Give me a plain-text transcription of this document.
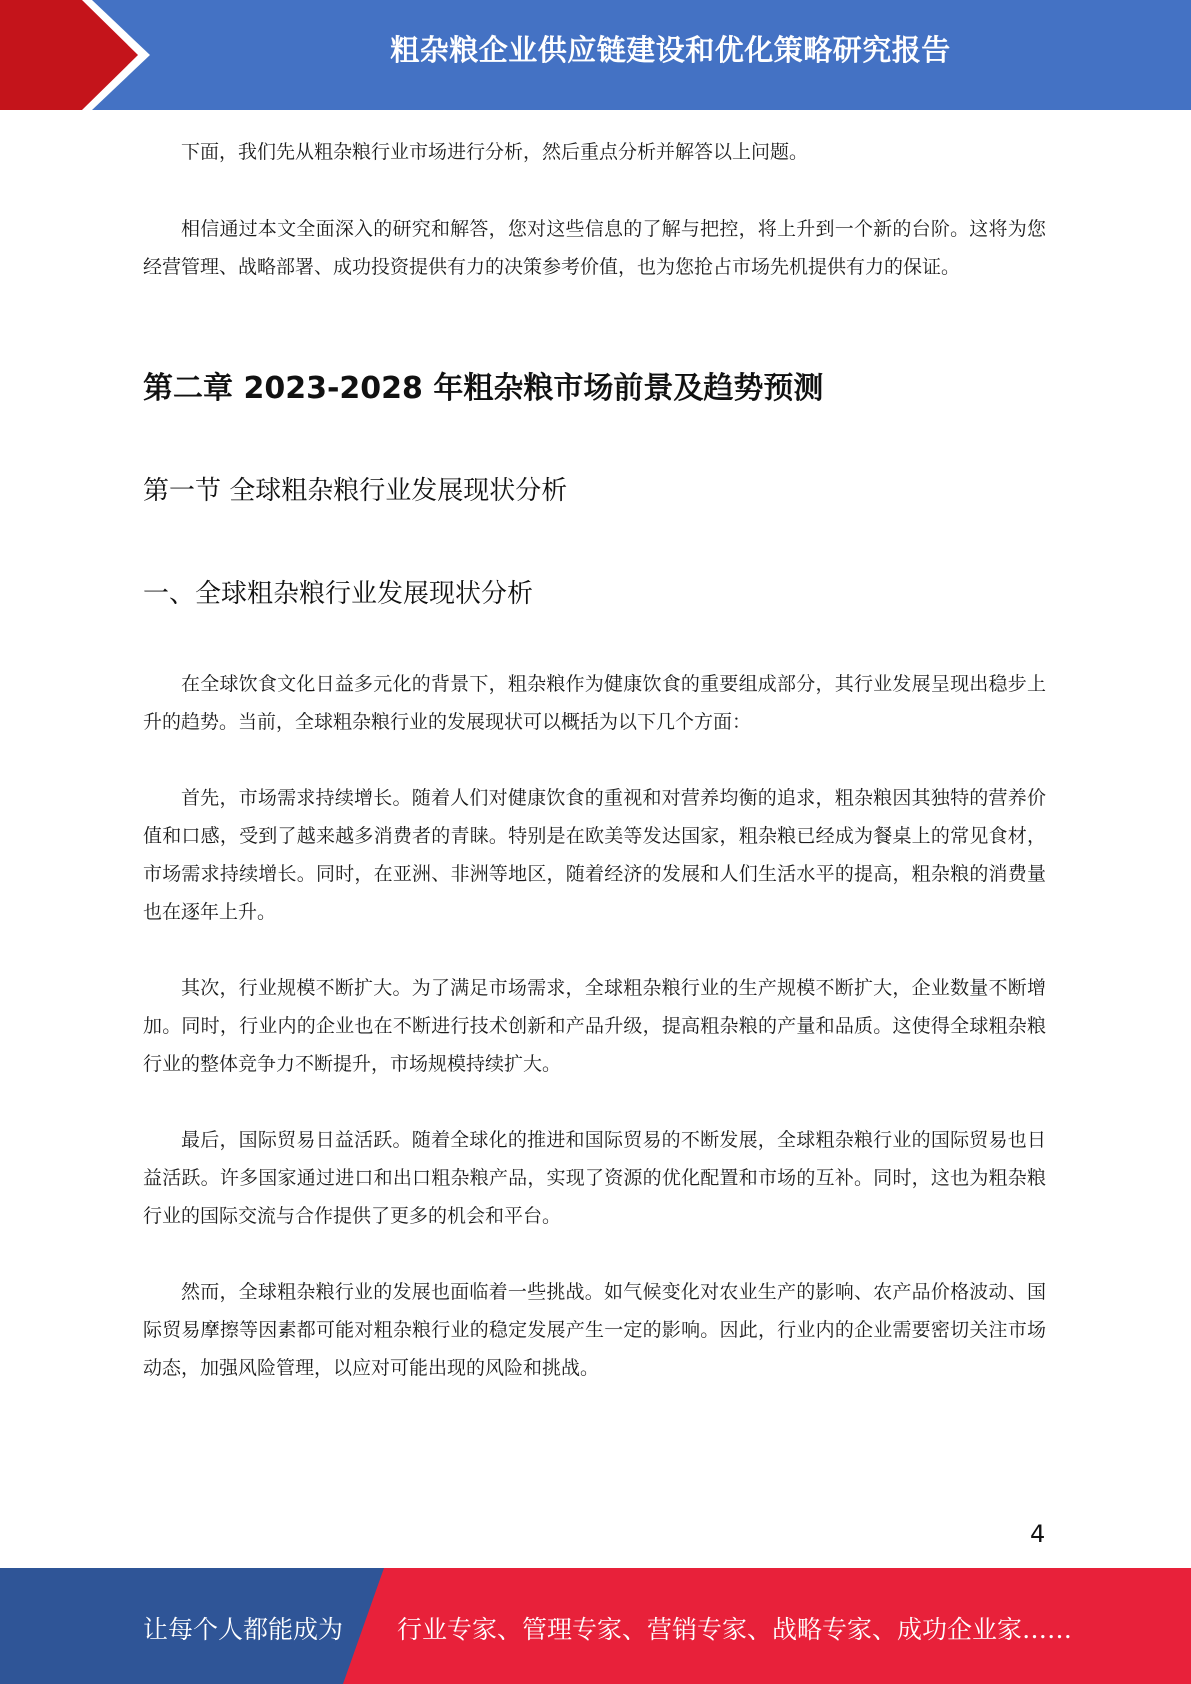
粗杂粮企业供应链建设和优化策略研究报告

下面，我们先从粗杂粮行业市场进行分析，然后重点分析并解答以上问题。

相信通过本文全面深入的研究和解答，您对这些信息的了解与把控，将上升到一个新的台阶。这将为您经营管理、战略部署、成功投资提供有力的决策参考价值，也为您抢占市场先机提供有力的保证。

第二章 2023-2028 年粗杂粮市场前景及趋势预测
第一节 全球粗杂粮行业发展现状分析
一、全球粗杂粮行业发展现状分析

在全球饮食文化日益多元化的背景下，粗杂粮作为健康饮食的重要组成部分，其行业发展呈现出稳步上升的趋势。当前，全球粗杂粮行业的发展现状可以概括为以下几个方面：

首先，市场需求持续增长。随着人们对健康饮食的重视和对营养均衡的追求，粗杂粮因其独特的营养价值和口感，受到了越来越多消费者的青睐。特别是在欧美等发达国家，粗杂粮已经成为餐桌上的常见食材，市场需求持续增长。同时，在亚洲、非洲等地区，随着经济的发展和人们生活水平的提高，粗杂粮的消费量也在逐年上升。

其次，行业规模不断扩大。为了满足市场需求，全球粗杂粮行业的生产规模不断扩大，企业数量不断增加。同时，行业内的企业也在不断进行技术创新和产品升级，提高粗杂粮的产量和品质。这使得全球粗杂粮行业的整体竞争力不断提升，市场规模持续扩大。

最后，国际贸易日益活跃。随着全球化的推进和国际贸易的不断发展，全球粗杂粮行业的国际贸易也日益活跃。许多国家通过进口和出口粗杂粮产品，实现了资源的优化配置和市场的互补。同时，这也为粗杂粮行业的国际交流与合作提供了更多的机会和平台。

然而，全球粗杂粮行业的发展也面临着一些挑战。如气候变化对农业生产的影响、农产品价格波动、国际贸易摩擦等因素都可能对粗杂粮行业的稳定发展产生一定的影响。因此，行业内的企业需要密切关注市场动态，加强风险管理，以应对可能出现的风险和挑战。

4
让每个人都能成为 行业专家、管理专家、营销专家、战略专家、成功企业家……
